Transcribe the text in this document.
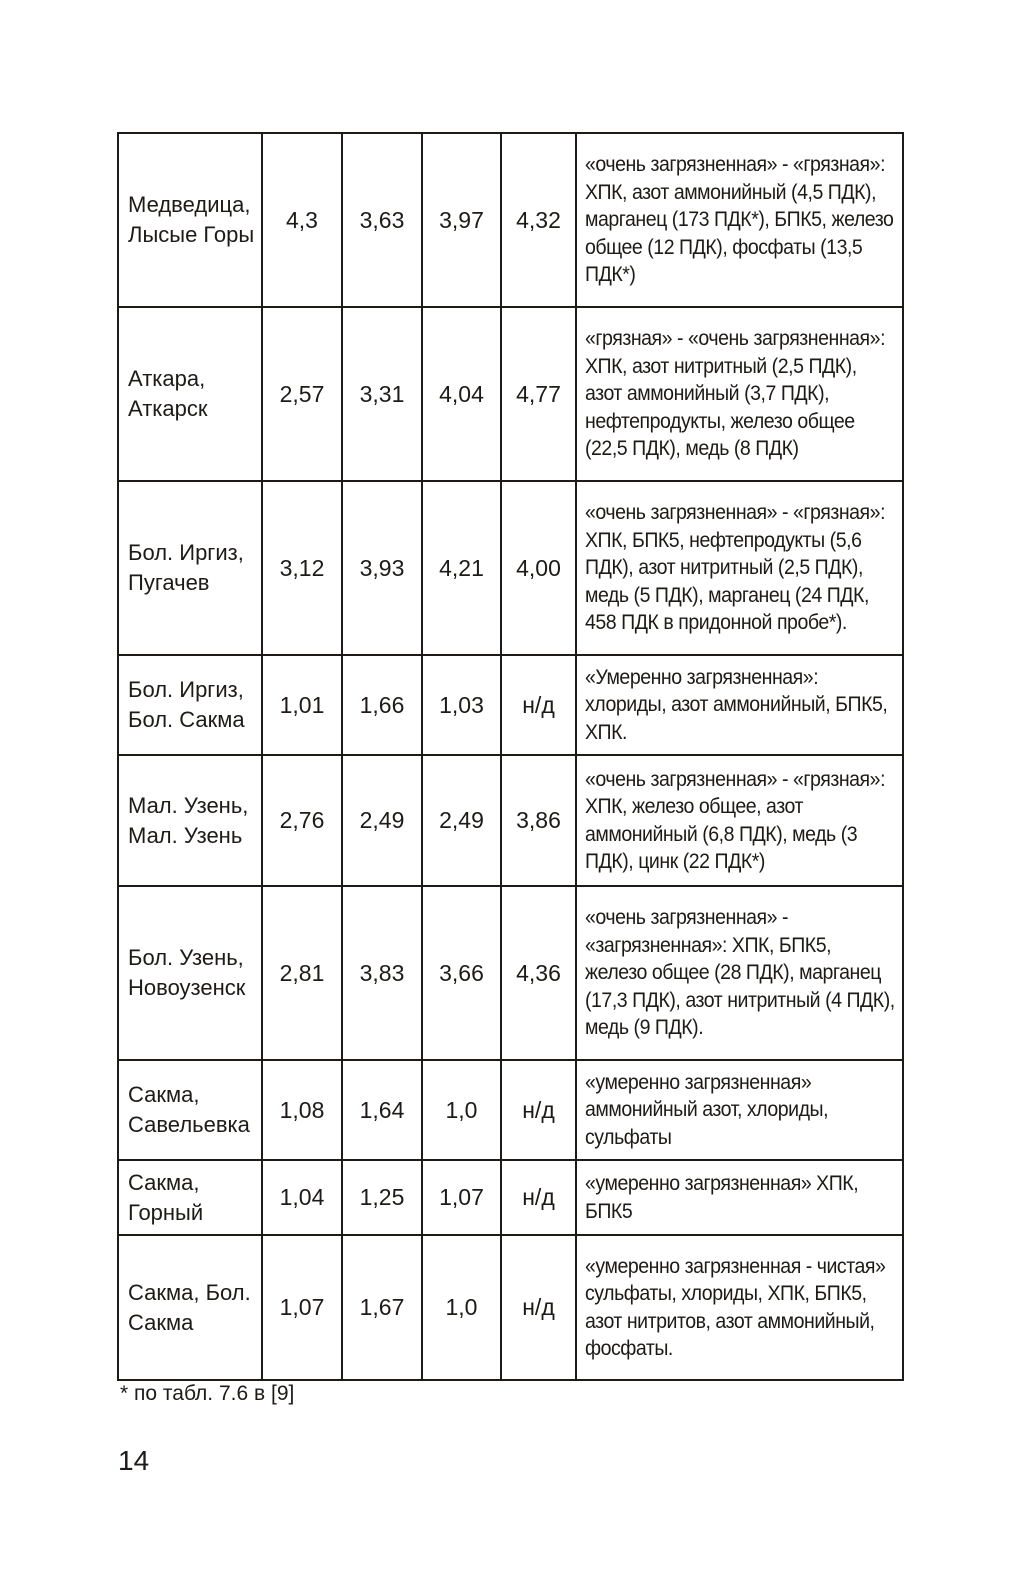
Медведица,
Лысые Горы	4,3	3,63	3,97	4,32	«очень загрязненная» - «грязная»: ХПК, азот аммонийный (4,5 ПДК), марганец (173 ПДК*), БПК5, железо общее (12 ПДК), фосфаты (13,5 ПДК*)

Аткара,
Аткарск	2,57	3,31	4,04	4,77	«грязная» - «очень загрязненная»: ХПК, азот нитритный (2,5 ПДК), азот аммонийный (3,7 ПДК), нефтепродукты, железо общее (22,5 ПДК), медь (8 ПДК)

Бол. Иргиз,
Пугачев	3,12	3,93	4,21	4,00	«очень загрязненная» - «грязная»: ХПК, БПК5, нефтепродукты (5,6 ПДК), азот нитритный (2,5 ПДК), медь (5 ПДК), марганец (24 ПДК, 458 ПДК в придонной пробе*).

Бол. Иргиз,
Бол. Сакма	1,01	1,66	1,03	н/д	«Умеренно загрязненная»: хлориды, азот аммонийный, БПК5, ХПК.

Мал. Узень,
Мал. Узень	2,76	2,49	2,49	3,86	«очень загрязненная» - «грязная»: ХПК, железо общее, азот аммонийный (6,8 ПДК), медь (3 ПДК), цинк (22 ПДК*)

Бол. Узень,
Новоузенск	2,81	3,83	3,66	4,36	«очень загрязненная» - «загрязненная»: ХПК, БПК5, железо общее (28 ПДК), марганец (17,3 ПДК), азот нитритный (4 ПДК), медь (9 ПДК).

Сакма,
Савельевка	1,08	1,64	1,0	н/д	«умеренно загрязненная» аммонийный азот, хлориды, сульфаты

Сакма,
Горный	1,04	1,25	1,07	н/д	«умеренно загрязненная» ХПК, БПК5

Сакма, Бол.
Сакма	1,07	1,67	1,0	н/д	«умеренно загрязненная - чистая» сульфаты, хлориды, ХПК, БПК5, азот нитритов, азот аммонийный, фосфаты.
* по табл. 7.6 в [9]
14
